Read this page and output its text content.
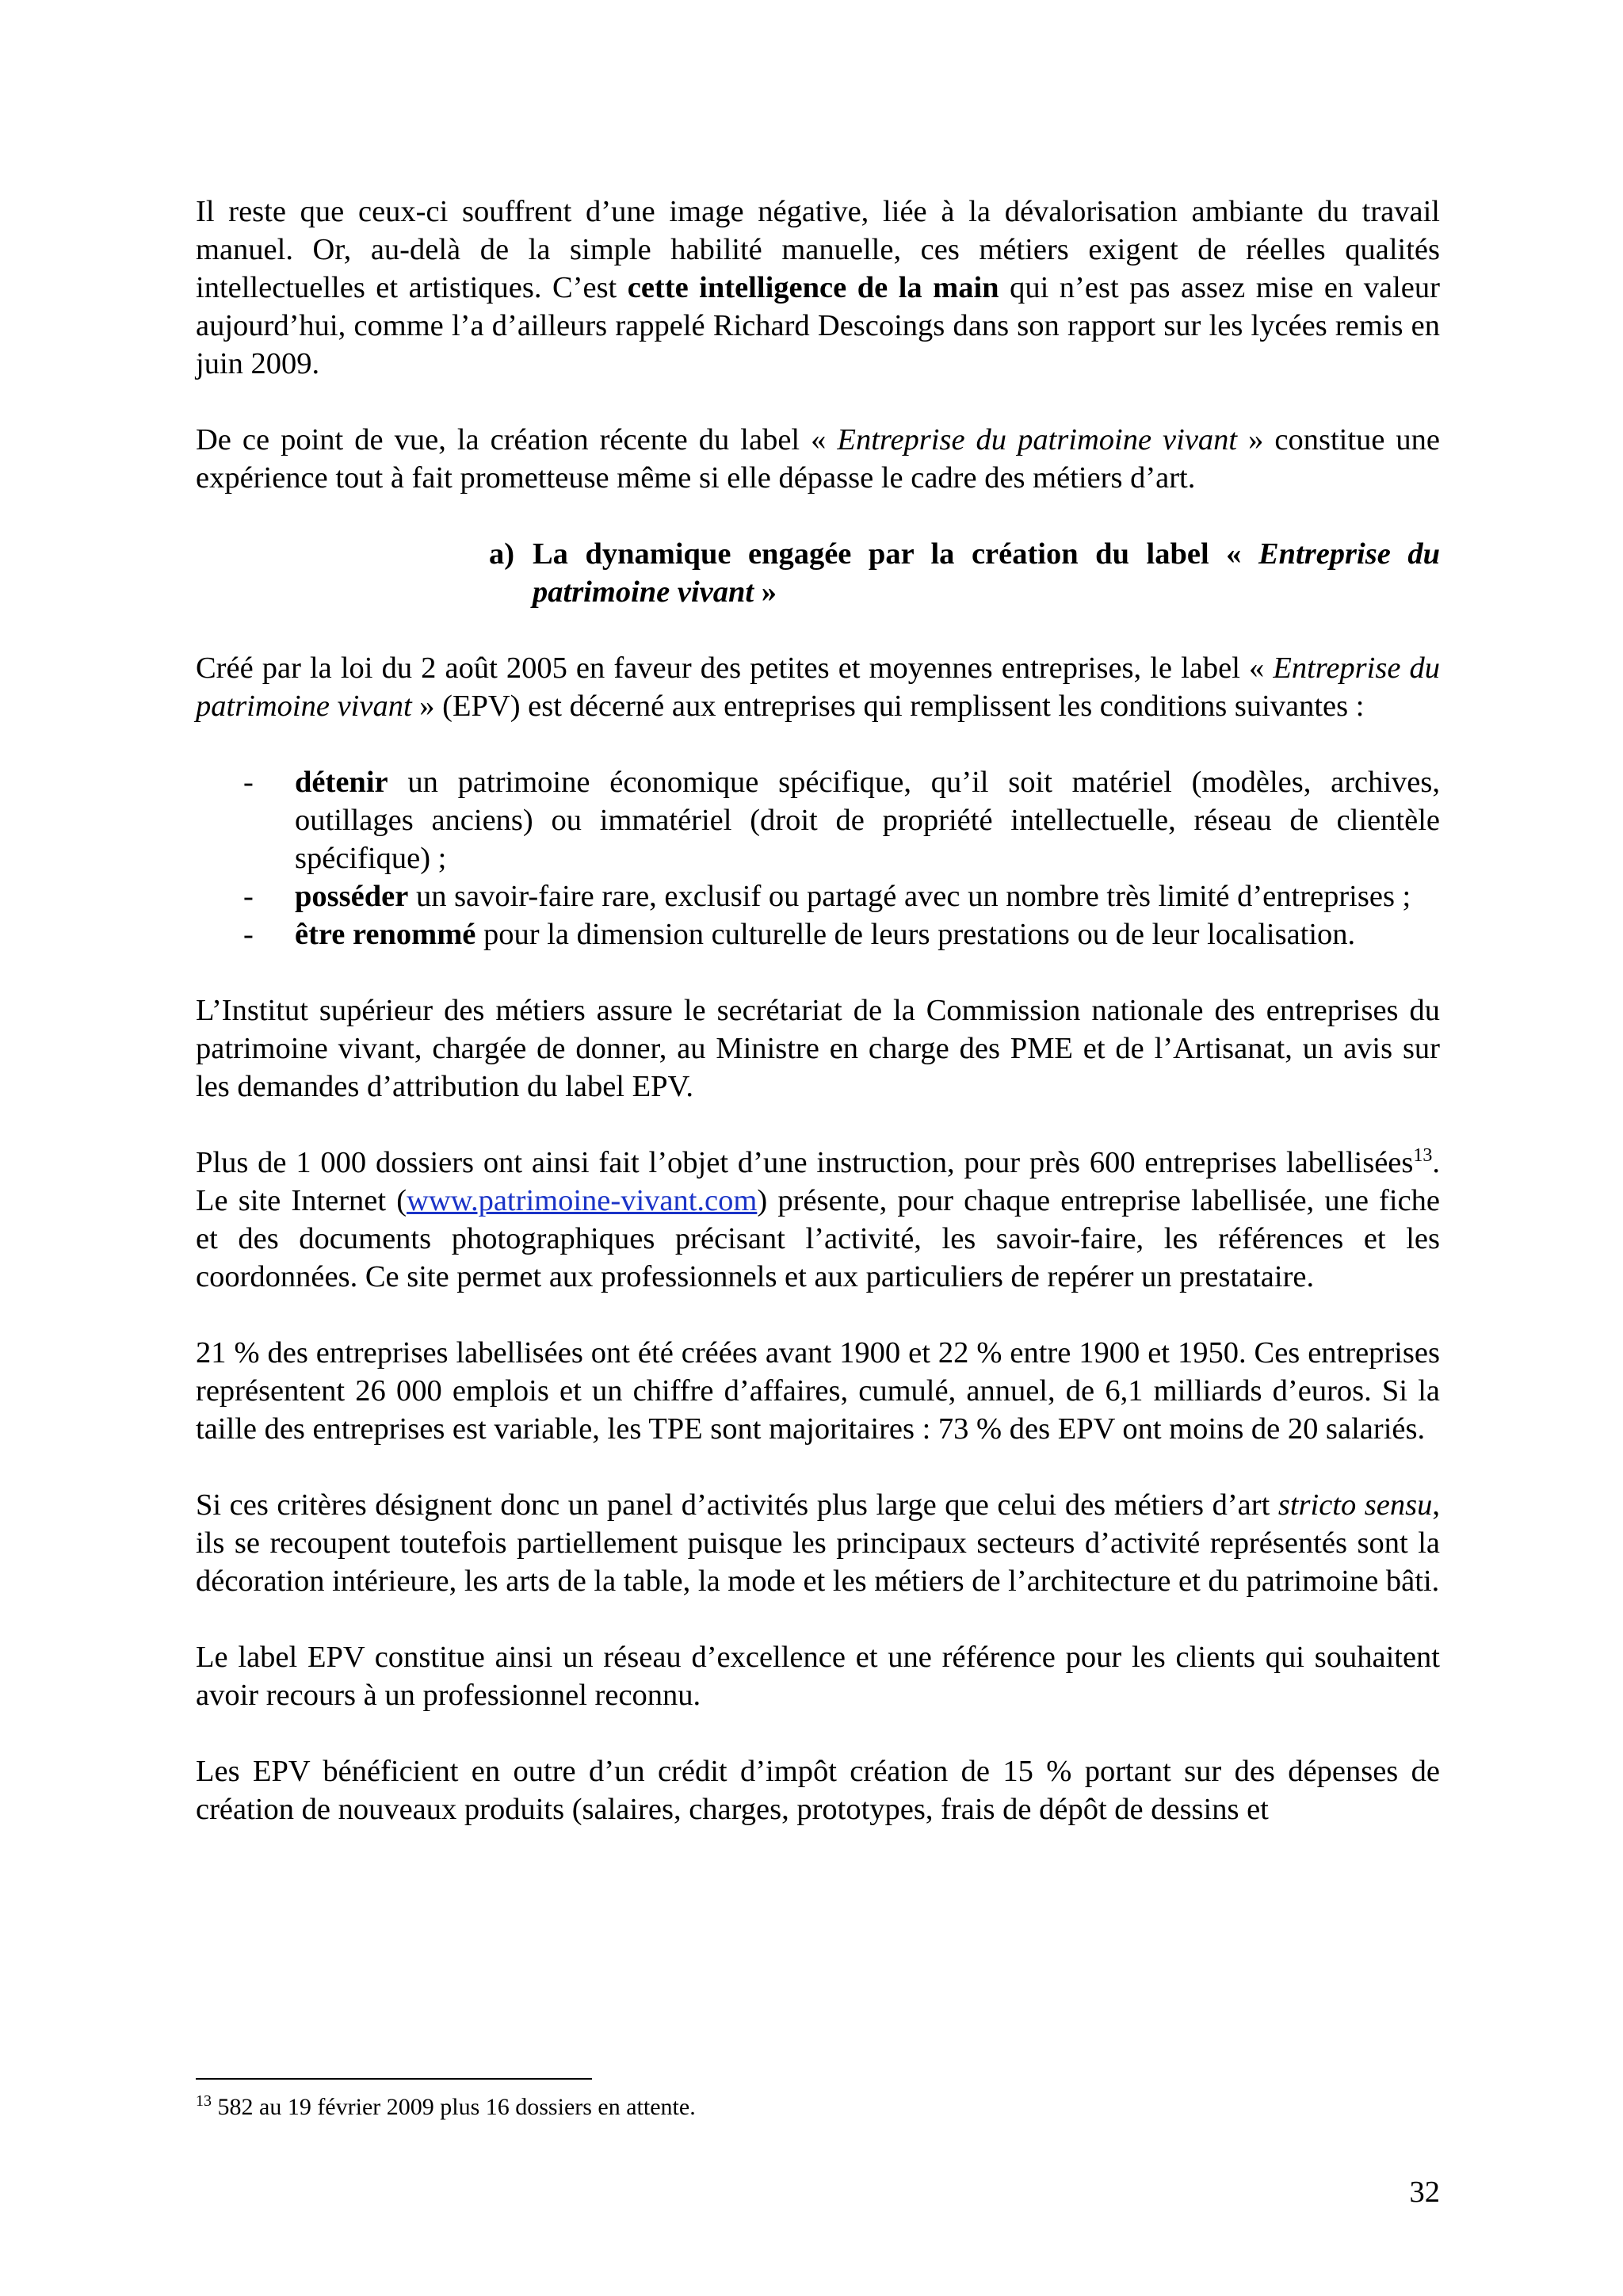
Il reste que ceux-ci souffrent d’une image négative, liée à la dévalorisation ambiante du travail manuel. Or, au-delà de la simple habilité manuelle, ces métiers exigent de réelles qualités intellectuelles et artistiques. C’est cette intelligence de la main qui n’est pas assez mise en valeur aujourd’hui, comme l’a d’ailleurs rappelé Richard Descoings dans son rapport sur les lycées remis en juin 2009.

De ce point de vue, la création récente du label « Entreprise du patrimoine vivant » constitue une expérience tout à fait prometteuse même si elle dépasse le cadre des métiers d’art.

a) La dynamique engagée par la création du label « Entreprise du patrimoine vivant »

Créé par la loi du 2 août 2005 en faveur des petites et moyennes entreprises, le label « Entreprise du patrimoine vivant » (EPV) est décerné aux entreprises qui remplissent les conditions suivantes :

-	détenir un patrimoine économique spécifique, qu’il soit matériel (modèles, archives, outillages anciens) ou immatériel (droit de propriété intellectuelle, réseau de clientèle spécifique) ;
-	posséder un savoir-faire rare, exclusif ou partagé avec un nombre très limité d’entreprises ;
-	être renommé pour la dimension culturelle de leurs prestations ou de leur localisation.

L’Institut supérieur des métiers assure le secrétariat de la Commission nationale des entreprises du patrimoine vivant, chargée de donner, au Ministre en charge des PME et de l’Artisanat, un avis sur les demandes d’attribution du label EPV.

Plus de 1 000 dossiers ont ainsi fait l’objet d’une instruction, pour près 600 entreprises labellisées$^{13}$. Le site Internet (www.patrimoine-vivant.com) présente, pour chaque entreprise labellisée, une fiche et des documents photographiques précisant l’activité, les savoir-faire, les références et les coordonnées. Ce site permet aux professionnels et aux particuliers de repérer un prestataire.

21 % des entreprises labellisées ont été créées avant 1900 et 22 % entre 1900 et 1950. Ces entreprises représentent 26 000 emplois et un chiffre d’affaires, cumulé, annuel, de 6,1 milliards d’euros. Si la taille des entreprises est variable, les TPE sont majoritaires : 73 % des EPV ont moins de 20 salariés.

Si ces critères désignent donc un panel d’activités plus large que celui des métiers d’art stricto sensu, ils se recoupent toutefois partiellement puisque les principaux secteurs d’activité représentés sont la décoration intérieure, les arts de la table, la mode et les métiers de l’architecture et du patrimoine bâti.

Le label EPV constitue ainsi un réseau d’excellence et une référence pour les clients qui souhaitent avoir recours à un professionnel reconnu.

Les EPV bénéficient en outre d’un crédit d’impôt création de 15 % portant sur des dépenses de création de nouveaux produits (salaires, charges, prototypes, frais de dépôt de dessins et

$^{13}$ 582 au 19 février 2009 plus 16 dossiers en attente.
32
